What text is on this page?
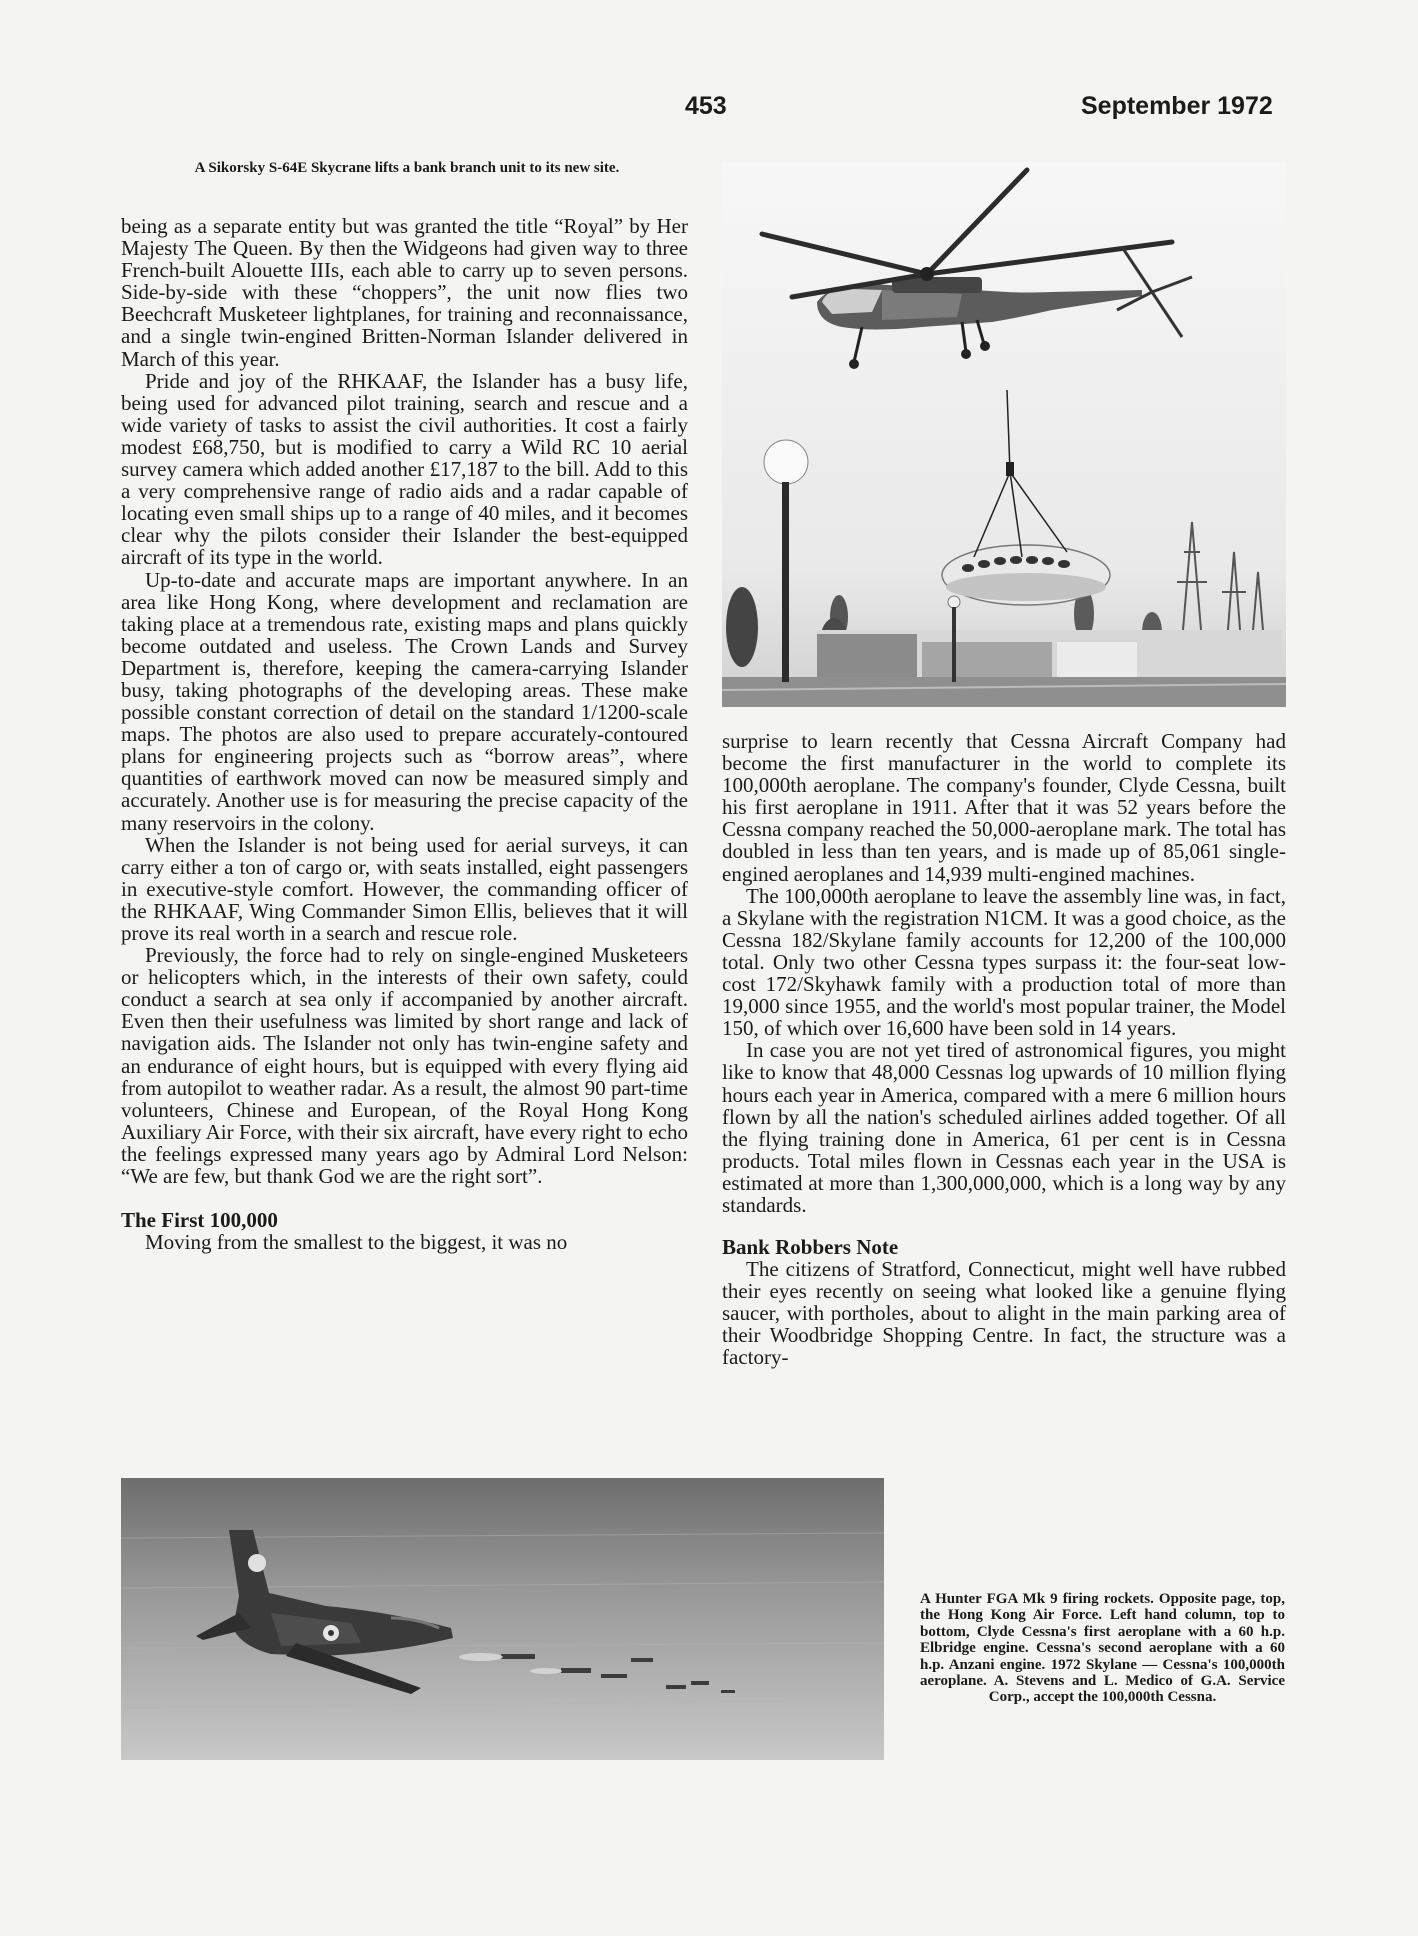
453	September 1972
A Sikorsky S-64E Skycrane lifts a bank branch unit to its new site.

being as a separate entity but was granted the title “Royal” by Her Majesty The Queen. By then the Widgeons had given way to three French-built Alouette IIIs, each able to carry up to seven persons. Side-by-side with these “choppers”, the unit now flies two Beechcraft Musketeer lightplanes, for training and reconnaissance, and a single twin-engined Britten-Norman Islander delivered in March of this year.

Pride and joy of the RHKAAF, the Islander has a busy life, being used for advanced pilot training, search and rescue and a wide variety of tasks to assist the civil authorities. It cost a fairly modest £68,750, but is modified to carry a Wild RC 10 aerial survey camera which added another £17,187 to the bill. Add to this a very comprehensive range of radio aids and a radar capable of locating even small ships up to a range of 40 miles, and it becomes clear why the pilots consider their Islander the best-equipped aircraft of its type in the world.

Up-to-date and accurate maps are important anywhere. In an area like Hong Kong, where development and reclamation are taking place at a tremendous rate, existing maps and plans quickly become outdated and useless. The Crown Lands and Survey Department is, therefore, keeping the camera-carrying Islander busy, taking photographs of the developing areas. These make possible constant correction of detail on the standard 1/1200-scale maps. The photos are also used to prepare accurately-contoured plans for engineering projects such as “borrow areas”, where quantities of earthwork moved can now be measured simply and accurately. Another use is for measuring the precise capacity of the many reservoirs in the colony.

When the Islander is not being used for aerial surveys, it can carry either a ton of cargo or, with seats installed, eight passengers in executive-style comfort. However, the commanding officer of the RHKAAF, Wing Commander Simon Ellis, believes that it will prove its real worth in a search and rescue role.

Previously, the force had to rely on single-engined Musketeers or helicopters which, in the interests of their own safety, could conduct a search at sea only if accompanied by another aircraft. Even then their usefulness was limited by short range and lack of navigation aids. The Islander not only has twin-engine safety and an endurance of eight hours, but is equipped with every flying aid from autopilot to weather radar. As a result, the almost 90 part-time volunteers, Chinese and European, of the Royal Hong Kong Auxiliary Air Force, with their six aircraft, have every right to echo the feelings expressed many years ago by Admiral Lord Nelson: “We are few, but thank God we are the right sort”.

The First 100,000

Moving from the smallest to the biggest, it was no

surprise to learn recently that Cessna Aircraft Company had become the first manufacturer in the world to complete its 100,000th aeroplane. The company's founder, Clyde Cessna, built his first aeroplane in 1911. After that it was 52 years before the Cessna company reached the 50,000-aeroplane mark. The total has doubled in less than ten years, and is made up of 85,061 single-engined aeroplanes and 14,939 multi-engined machines.

The 100,000th aeroplane to leave the assembly line was, in fact, a Skylane with the registration N1CM. It was a good choice, as the Cessna 182/Skylane family accounts for 12,200 of the 100,000 total. Only two other Cessna types surpass it: the four-seat low-cost 172/Skyhawk family with a production total of more than 19,000 since 1955, and the world's most popular trainer, the Model 150, of which over 16,600 have been sold in 14 years.

In case you are not yet tired of astronomical figures, you might like to know that 48,000 Cessnas log upwards of 10 million flying hours each year in America, compared with a mere 6 million hours flown by all the nation's scheduled airlines added together. Of all the flying training done in America, 61 per cent is in Cessna products. Total miles flown in Cessnas each year in the USA is estimated at more than 1,300,000,000, which is a long way by any standards.

Bank Robbers Note

The citizens of Stratford, Connecticut, might well have rubbed their eyes recently on seeing what looked like a genuine flying saucer, with portholes, about to alight in the main parking area of their Woodbridge Shopping Centre. In fact, the structure was a factory-

A Hunter FGA Mk 9 firing rockets. Opposite page, top, the Hong Kong Air Force. Left hand column, top to bottom, Clyde Cessna's first aeroplane with a 60 h.p. Elbridge engine. Cessna's second aeroplane with a 60 h.p. Anzani engine. 1972 Skylane — Cessna's 100,000th aeroplane. A. Stevens and L. Medico of G.A. Service Corp., accept the 100,000th Cessna.
